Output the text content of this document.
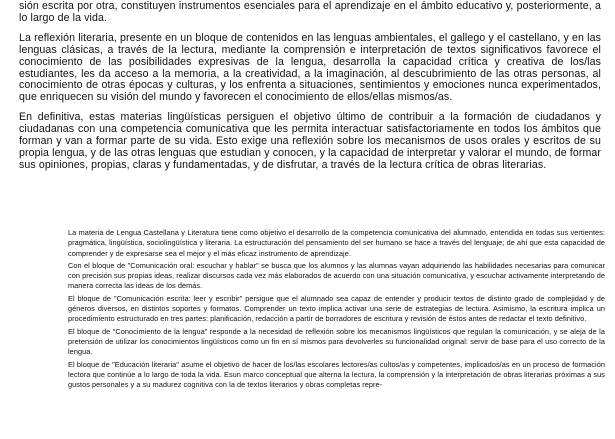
sión escrita por otra, constituyen instrumentos esenciales para el aprendizaje en el ámbito educativo y, posteriormente, a lo largo de la vida.

La reflexión literaria, presente en un bloque de contenidos en las lenguas ambientales, el gallego y el castellano, y en las lenguas clásicas, a través de la lectura, mediante la comprensión e interpretación de textos significativos favorece el conocimiento de las posibilidades expresivas de la lengua, desarrolla la capacidad crítica y creativa de los/las estudiantes, les da acceso a la memoria, a la creatividad, a la imaginación, al descubrimiento de las otras personas, al conocimiento de otras épocas y culturas, y los enfrenta a situaciones, sentimientos y emociones nunca experimentados, que enriquecen su visión del mundo y favorecen el conocimiento de ellos/ellas mismos/as.

En definitiva, estas materias lingüísticas persiguen el objetivo último de contribuir a la formación de ciudadanos y ciudadanas con una competencia comunicativa que les permita interactuar satisfactoriamente en todos los ámbitos que forman y van a formar parte de su vida. Esto exige una reflexión sobre los mecanismos de usos orales y escritos de su propia lengua, y de las otras lenguas que estudian y conocen, y la capacidad de interpretar y valorar el mundo, de formar sus opiniones, propias, claras y fundamentadas, y de disfrutar, a través de la lectura crítica de obras literarias.

La materia de Lengua Castellana y Literatura tiene como objetivo el desarrollo de la competencia comunicativa del alumnado, entendida en todas sus vertientes: pragmática, lingüística, sociolingüística y literaria. La estructuración del pensamiento del ser humano se hace a través del lenguaje; de ahí que esta capacidad de comprender y de expresarse sea el mejor y el más eficaz instrumento de aprendizaje.

Con el bloque de "Comunicación oral: escuchar y hablar" se busca que los alumnos y las alumnas vayan adquiriendo las habilidades necesarias para comunicar con precisión sus propias ideas, realizar discursos cada vez más elaborados de acuerdo con una situación comunicativa, y escuchar activamente interpretando de manera correcta las ideas de los demás.

El bloque de "Comunicación escrita: leer y escribir" persigue que el alumnado sea capaz de entender y producir textos de distinto grado de complejidad y de géneros diversos, en distintos soportes y formatos. Comprender un texto implica activar una serie de estrategias de lectura. Asimismo, la escritura implica un procedimiento estructurado en tres partes: planificación, redacción a partir de borradores de escritura y revisión de éstos antes de redactar el texto definitivo.

El bloque de "Conocimiento de la lengua" responde a la necesidad de reflexión sobre los mecanismos lingüísticos que regulan la comunicación, y se aleja de la pretensión de utilizar los conocimientos lingüísticos como un fin en sí mismos para devolverles su funcionalidad original: servir de base para el uso correcto de la lengua.

El bloque de "Educación literaria" asume el objetivo de hacer de los/las escolares lectores/as cultos/as y competentes, implicados/as en un proceso de formación lectora que continúe a lo largo de toda la vida. Esun marco conceptual que alterna la lectura, la comprensión y la interpretación de obras literarias próximas a sus gustos personales y a su madurez cognitiva con la de textos literarios y obras completas repre-
